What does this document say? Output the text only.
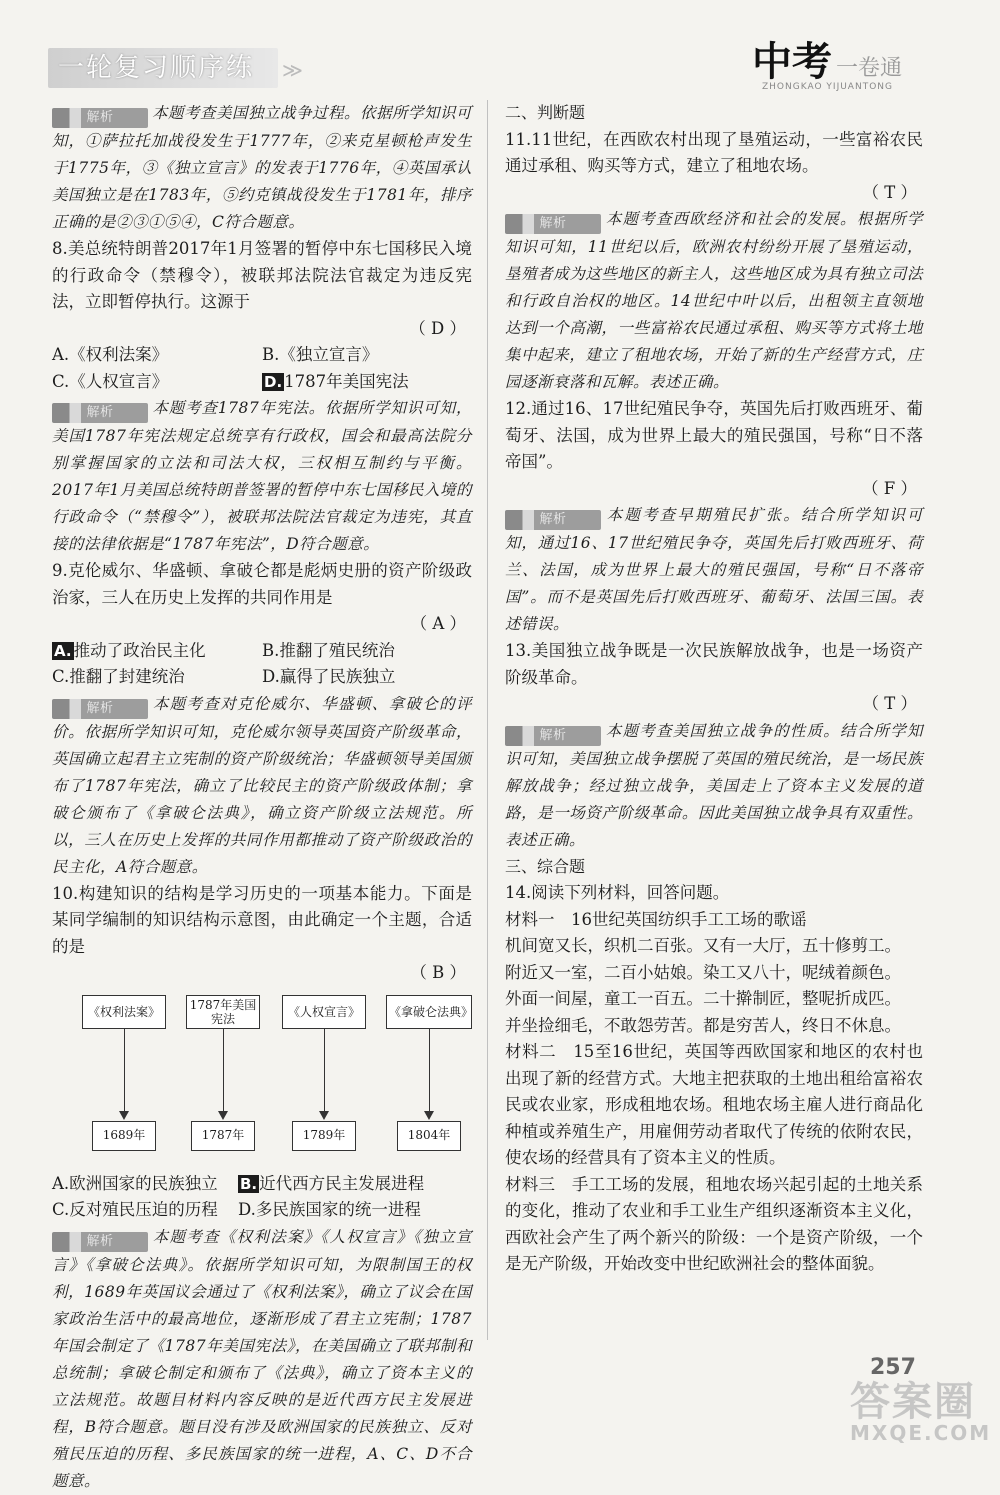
一轮复习顺序练	≫	中考 一卷通
ZHONGKAO YIJUANTONG

解析 本题考查美国独立战争过程。依据所学知识可知，①萨拉托加战役发生于1777年，②来克星顿枪声发生于1775年，③《独立宣言》的发表于1776年，④英国承认美国独立是在1783年，⑤约克镇战役发生于1781年，排序正确的是②③①⑤④，C符合题意。

8.美总统特朗普2017年1月签署的暂停中东七国移民入境的行政命令（禁穆令），被联邦法院法官裁定为违反宪法，立即暂停执行。这源于

（ D ）

A.《权利法案》	B.《独立宣言》
C.《人权宣言》	D. 1787年美国宪法

解析 本题考查1787年宪法。依据所学知识可知，美国1787年宪法规定总统享有行政权，国会和最高法院分别掌握国家的立法和司法大权，三权相互制约与平衡。2017年1月美国总统特朗普签署的暂停中东七国移民入境的行政命令（“禁穆令”），被联邦法院法官裁定为违宪，其直接的法律依据是“1787年宪法”，D符合题意。

9.克伦威尔、华盛顿、拿破仑都是彪炳史册的资产阶级政治家，三人在历史上发挥的共同作用是

（ A ）

A. 推动了政治民主化	B.推翻了殖民统治
C.推翻了封建统治	D.赢得了民族独立

解析 本题考查对克伦威尔、华盛顿、拿破仑的评价。依据所学知识可知，克伦威尔领导英国资产阶级革命，英国确立起君主立宪制的资产阶级统治；华盛顿领导美国颁布了1787年宪法，确立了比较民主的资产阶级政体制；拿破仑颁布了《拿破仑法典》，确立资产阶级立法规范。所以，三人在历史上发挥的共同作用都推动了资产阶级政治的民主化，A符合题意。

10.构建知识的结构是学习历史的一项基本能力。下面是某同学编制的知识结构示意图，由此确定一个主题，合适的是

（ B ）

《权利法案》	1787年美国宪法	《人权宣言》	《拿破仑法典》
1689年	1787年	1789年	1804年
A.欧洲国家的民族独立	B. 近代西方民主发展进程
C.反对殖民压迫的历程	D.多民族国家的统一进程

解析 本题考查《权利法案》《人权宣言》《独立宣言》《拿破仑法典》。依据所学知识可知，为限制国王的权利，1689年英国议会通过了《权利法案》，确立了议会在国家政治生活中的最高地位，逐渐形成了君主立宪制；1787年国会制定了《1787年美国宪法》，在美国确立了联邦制和总统制；拿破仑制定和颁布了《法典》，确立了资本主义的立法规范。故题目材料内容反映的是近代西方民主发展进程，B符合题意。题目没有涉及欧洲国家的民族独立、反对殖民压迫的历程、多民族国家的统一进程，A、C、D不合题意。

二、判断题

11.11世纪，在西欧农村出现了垦殖运动，一些富裕农民通过承租、购买等方式，建立了租地农场。

（ T ）

解析 本题考查西欧经济和社会的发展。根据所学知识可知，11世纪以后，欧洲农村纷纷开展了垦殖运动，垦殖者成为这些地区的新主人，这些地区成为具有独立司法和行政自治权的地区。14世纪中叶以后，出租领主直领地达到一个高潮，一些富裕农民通过承租、购买等方式将土地集中起来，建立了租地农场，开始了新的生产经营方式，庄园逐渐衰落和瓦解。表述正确。

12.通过16、17世纪殖民争夺，英国先后打败西班牙、葡萄牙、法国，成为世界上最大的殖民强国，号称“日不落帝国”。

（ F ）

解析 本题考查早期殖民扩张。结合所学知识可知，通过16、17世纪殖民争夺，英国先后打败西班牙、荷兰、法国，成为世界上最大的殖民强国，号称“日不落帝国”。而不是英国先后打败西班牙、葡萄牙、法国三国。表述错误。

13.美国独立战争既是一次民族解放战争，也是一场资产阶级革命。

（ T ）

解析 本题考查美国独立战争的性质。结合所学知识可知，美国独立战争摆脱了英国的殖民统治，是一场民族解放战争；经过独立战争，美国走上了资本主义发展的道路，是一场资产阶级革命。因此美国独立战争具有双重性。表述正确。

三、综合题

14.阅读下列材料，回答问题。

材料一　16世纪英国纺织手工工场的歌谣

机间宽又长，织机二百张。又有一大厅，五十修剪工。

附近又一室，二百小姑娘。染工又八十，呢绒着颜色。

外面一间屋，童工一百五。二十擀制匠，整呢折成匹。

并坐捡细毛，不敢怨劳苦。都是穷苦人，终日不休息。

材料二　15至16世纪，英国等西欧国家和地区的农村也出现了新的经营方式。大地主把获取的土地出租给富裕农民或农业家，形成租地农场。租地农场主雇人进行商品化种植或养殖生产，用雇佣劳动者取代了传统的依附农民，使农场的经营具有了资本主义的性质。

材料三　手工工场的发展，租地农场兴起引起的土地关系的变化，推动了农业和手工业生产组织逐渐资本主义化，西欧社会产生了两个新兴的阶级：一个是资产阶级，一个是无产阶级，开始改变中世纪欧洲社会的整体面貌。

257
答案圈
MXQE.COM
